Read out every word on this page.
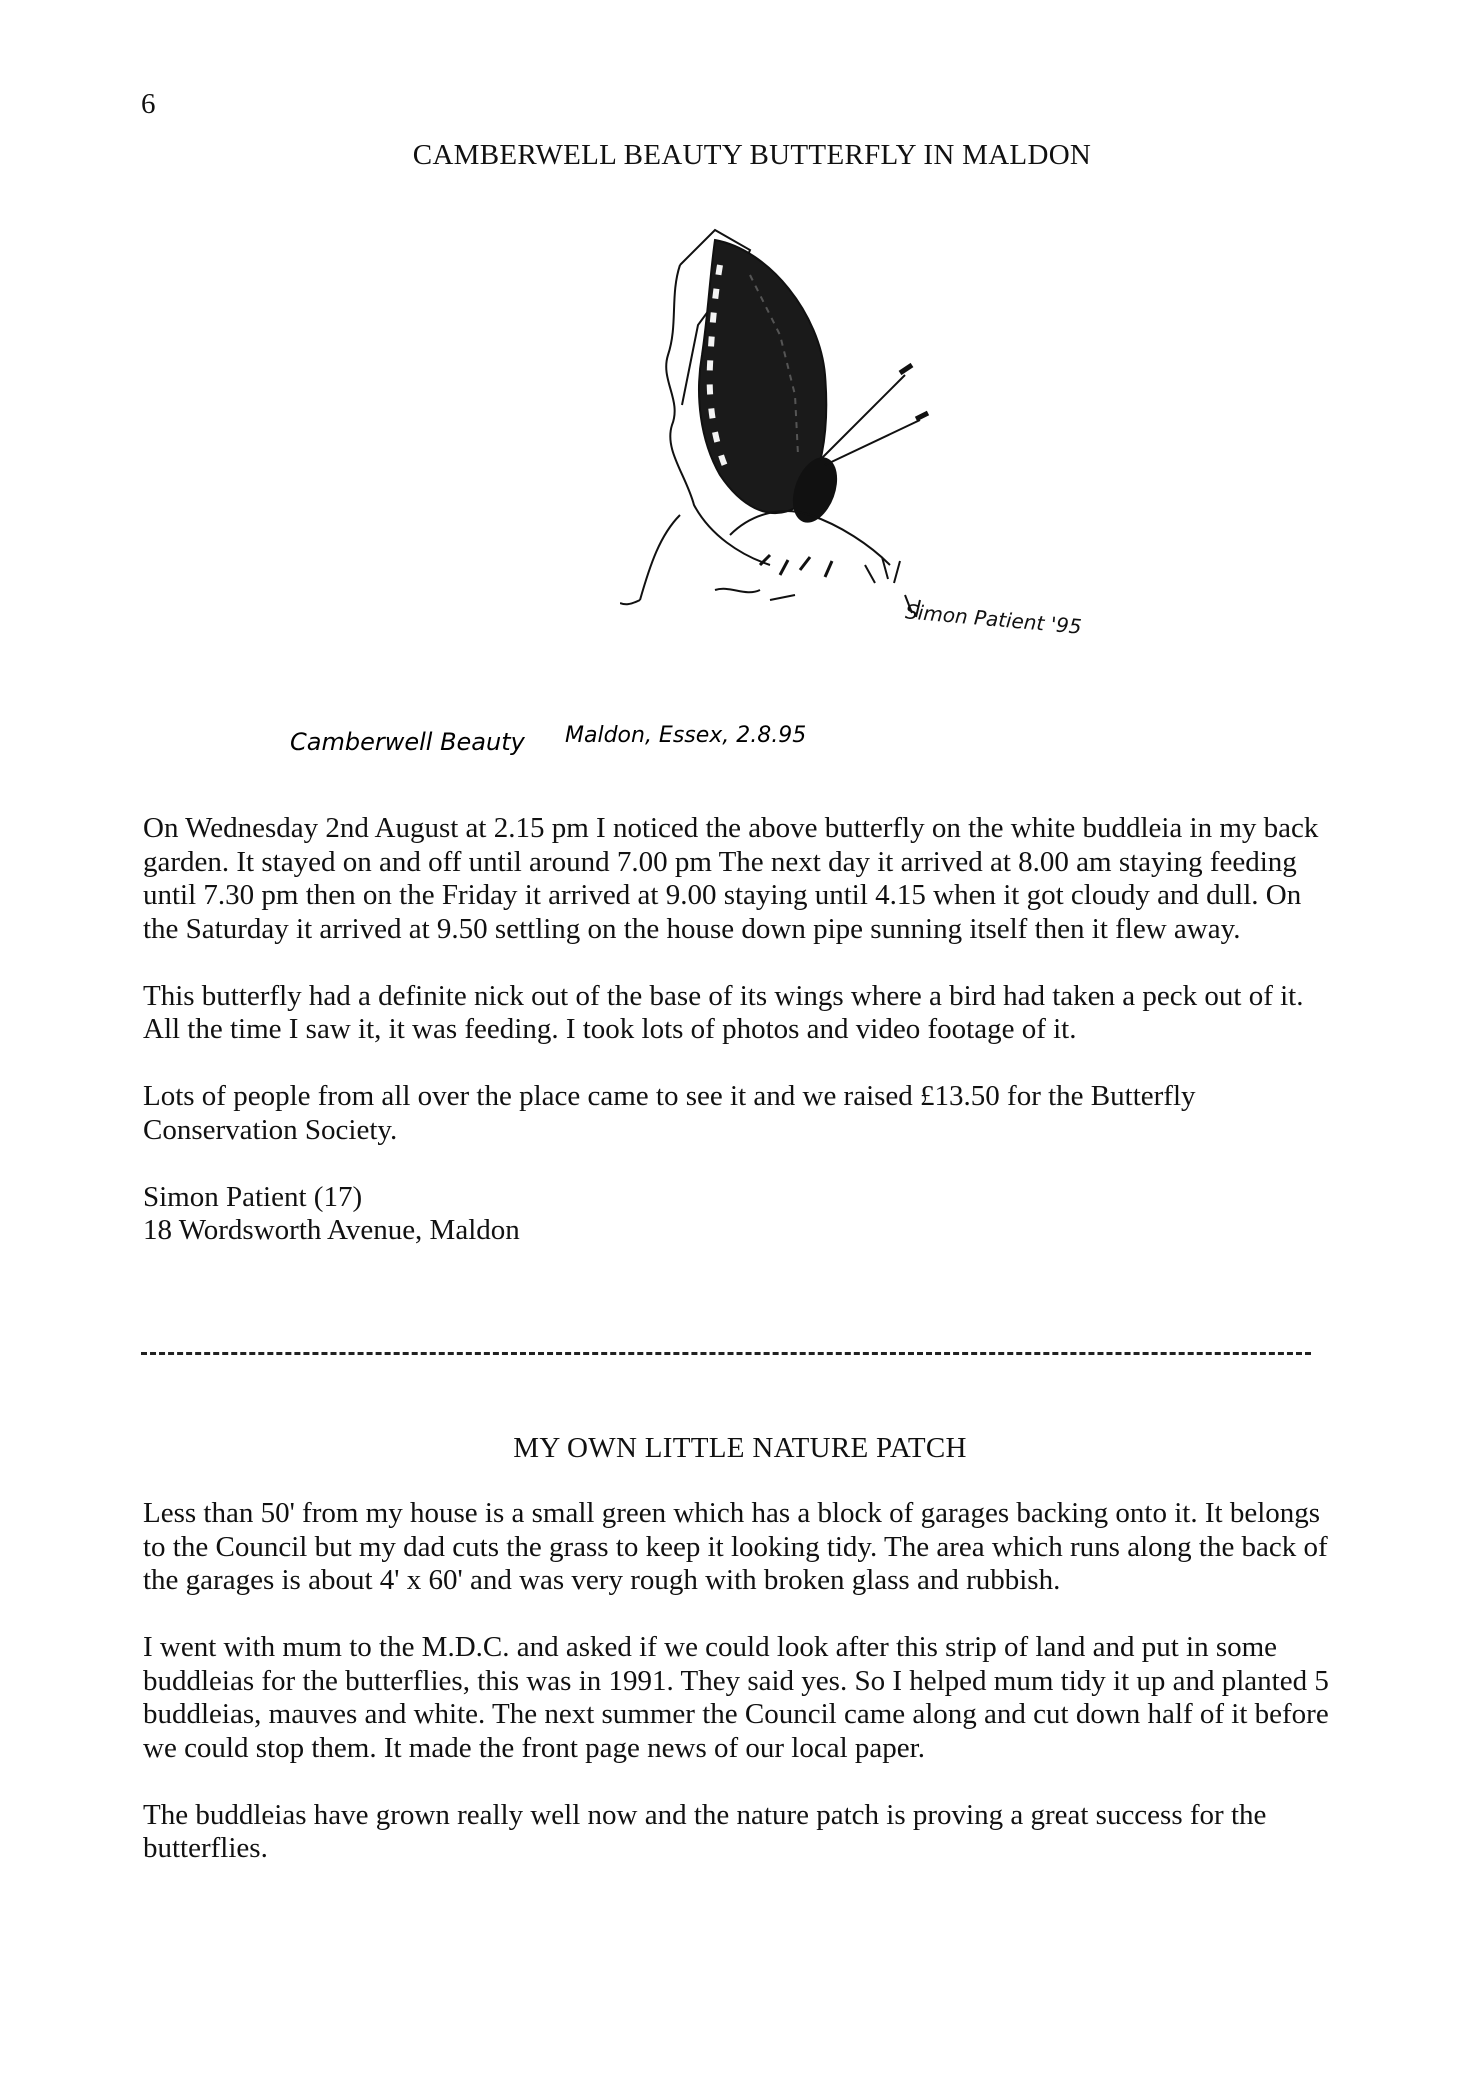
6
CAMBERWELL BEAUTY BUTTERFLY IN MALDON
Simon Patient '95
Camberwell Beauty Maldon, Essex, 2.8.95

On Wednesday 2nd August at 2.15 pm I noticed the above butterfly on the white buddleia in my back garden. It stayed on and off until around 7.00 pm The next day it arrived at 8.00 am staying feeding until 7.30 pm then on the Friday it arrived at 9.00 staying until 4.15 when it got cloudy and dull. On the Saturday it arrived at 9.50 settling on the house down pipe sunning itself then it flew away.

This butterfly had a definite nick out of the base of its wings where a bird had taken a peck out of it. All the time I saw it, it was feeding. I took lots of photos and video footage of it.

Lots of people from all over the place came to see it and we raised £13.50 for the Butterfly Conservation Society.

Simon Patient (17)
18 Wordsworth Avenue, Maldon
MY OWN LITTLE NATURE PATCH

Less than 50' from my house is a small green which has a block of garages backing onto it. It belongs to the Council but my dad cuts the grass to keep it looking tidy. The area which runs along the back of the garages is about 4' x 60' and was very rough with broken glass and rubbish.

I went with mum to the M.D.C. and asked if we could look after this strip of land and put in some buddleias for the butterflies, this was in 1991. They said yes. So I helped mum tidy it up and planted 5 buddleias, mauves and white. The next summer the Council came along and cut down half of it before we could stop them. It made the front page news of our local paper.

The buddleias have grown really well now and the nature patch is proving a great success for the butterflies.
